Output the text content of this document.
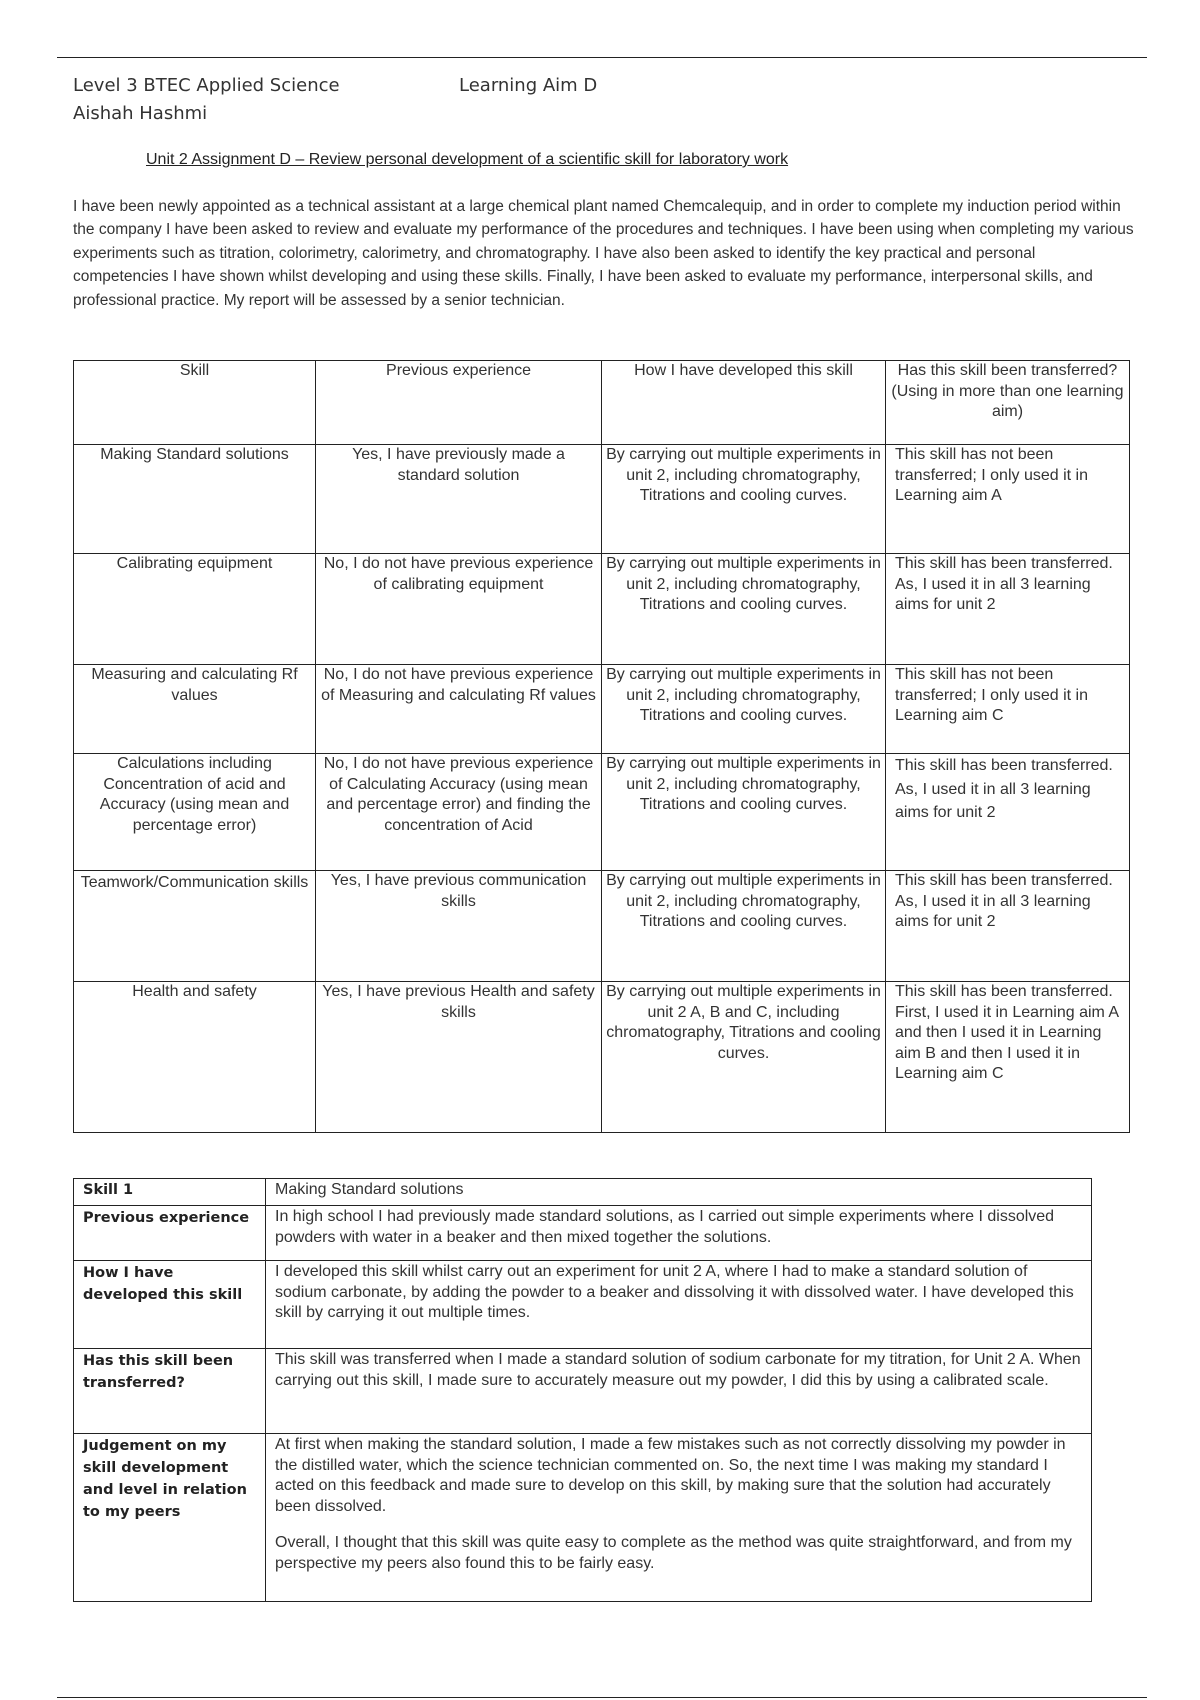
Level 3 BTEC Applied Science	Learning Aim D
Aishah Hashmi
Unit 2 Assignment D – Review personal development of a scientific skill for laboratory work
I have been newly appointed as a technical assistant at a large chemical plant named Chemcalequip, and in order to complete my induction period within the company I have been asked to review and evaluate my performance of the procedures and techniques. I have been using when completing my various experiments such as titration, colorimetry, calorimetry, and chromatography. I have also been asked to identify the key practical and personal competencies I have shown whilst developing and using these skills. Finally, I have been asked to evaluate my performance, interpersonal skills, and professional practice. My report will be assessed by a senior technician.
Skill	Previous experience	How I have developed this skill	Has this skill been transferred? (Using in more than one learning aim)
Making Standard solutions	Yes, I have previously made a standard solution	By carrying out multiple experiments in unit 2, including chromatography, Titrations and cooling curves.	This skill has not been transferred; I only used it in Learning aim A
Calibrating equipment	No, I do not have previous experience of calibrating equipment	By carrying out multiple experiments in unit 2, including chromatography, Titrations and cooling curves.	This skill has been transferred. As, I used it in all 3 learning aims for unit 2
Measuring and calculating Rf values	No, I do not have previous experience of Measuring and calculating Rf values	By carrying out multiple experiments in unit 2, including chromatography, Titrations and cooling curves.	This skill has not been transferred; I only used it in Learning aim C
Calculations including Concentration of acid and Accuracy (using mean and percentage error)	No, I do not have previous experience of Calculating Accuracy (using mean and percentage error) and finding the concentration of Acid	By carrying out multiple experiments in unit 2, including chromatography, Titrations and cooling curves.	This skill has been transferred. As, I used it in all 3 learning aims for unit 2
Teamwork/Communication skills	Yes, I have previous communication skills	By carrying out multiple experiments in unit 2, including chromatography, Titrations and cooling curves.	This skill has been transferred. As, I used it in all 3 learning aims for unit 2
Health and safety	Yes, I have previous Health and safety skills	By carrying out multiple experiments in unit 2 A, B and C, including chromatography, Titrations and cooling curves.	This skill has been transferred. First, I used it in Learning aim A and then I used it in Learning aim B and then I used it in Learning aim C
Skill 1	Making Standard solutions
Previous experience	In high school I had previously made standard solutions, as I carried out simple experiments where I dissolved powders with water in a beaker and then mixed together the solutions.
How I have developed this skill	I developed this skill whilst carry out an experiment for unit 2 A, where I had to make a standard solution of sodium carbonate, by adding the powder to a beaker and dissolving it with dissolved water. I have developed this skill by carrying it out multiple times.
Has this skill been transferred?	This skill was transferred when I made a standard solution of sodium carbonate for my titration, for Unit 2 A. When carrying out this skill, I made sure to accurately measure out my powder, I did this by using a calibrated scale.
Judgement on my skill development and level in relation to my peers	At first when making the standard solution, I made a few mistakes such as not correctly dissolving my powder in the distilled water, which the science technician commented on. So, the next time I was making my standard I acted on this feedback and made sure to develop on this skill, by making sure that the solution had accurately been dissolved.
Overall, I thought that this skill was quite easy to complete as the method was quite straightforward, and from my perspective my peers also found this to be fairly easy.
